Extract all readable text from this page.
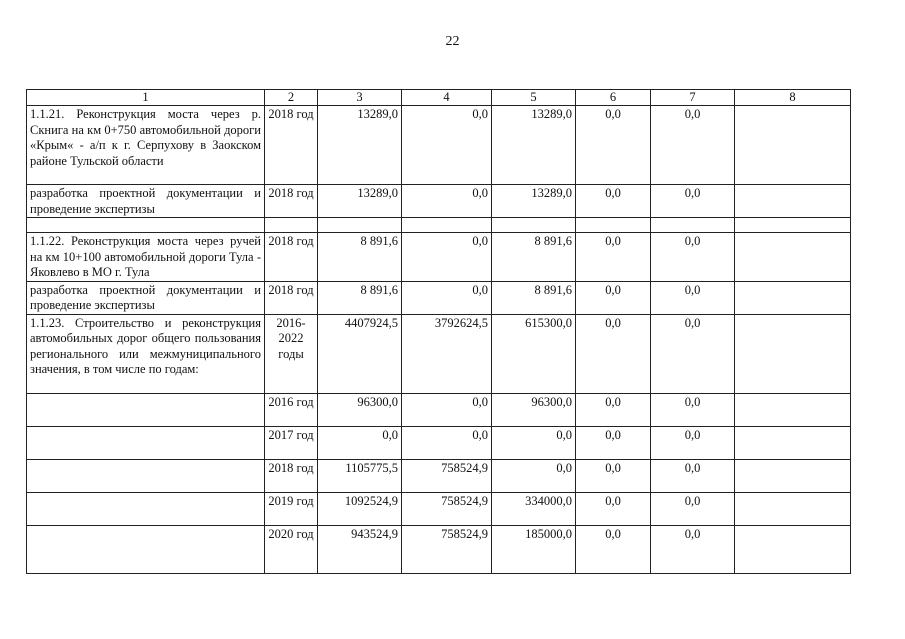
22
1	2	3	4	5	6	7	8
1.1.21. Реконструкция моста через р. Скнига на км 0+750 автомобильной дороги «Крым« - а/п к г. Серпухову в Заокском районе Тульской области	2018 год	13289,0	0,0	13289,0	0,0	0,0	
разработка проектной документации и проведение экспертизы	2018 год	13289,0	0,0	13289,0	0,0	0,0	

1.1.22. Реконструкция моста через ручей на км 10+100 автомобильной дороги Тула - Яковлево в МО г. Тула	2018 год	8 891,6	0,0	8 891,6	0,0	0,0	
разработка проектной документации и проведение экспертизы	2018 год	8 891,6	0,0	8 891,6	0,0	0,0	
1.1.23. Строительство и реконструкция автомобильных дорог общего пользования регионального или межмуниципального значения, в том числе по годам:	2016-2022 годы	4407924,5	3792624,5	615300,0	0,0	0,0	
	2016 год	96300,0	0,0	96300,0	0,0	0,0	
	2017 год	0,0	0,0	0,0	0,0	0,0	
	2018 год	1105775,5	758524,9	0,0	0,0	0,0	
	2019 год	1092524,9	758524,9	334000,0	0,0	0,0	
	2020 год	943524,9	758524,9	185000,0	0,0	0,0	
